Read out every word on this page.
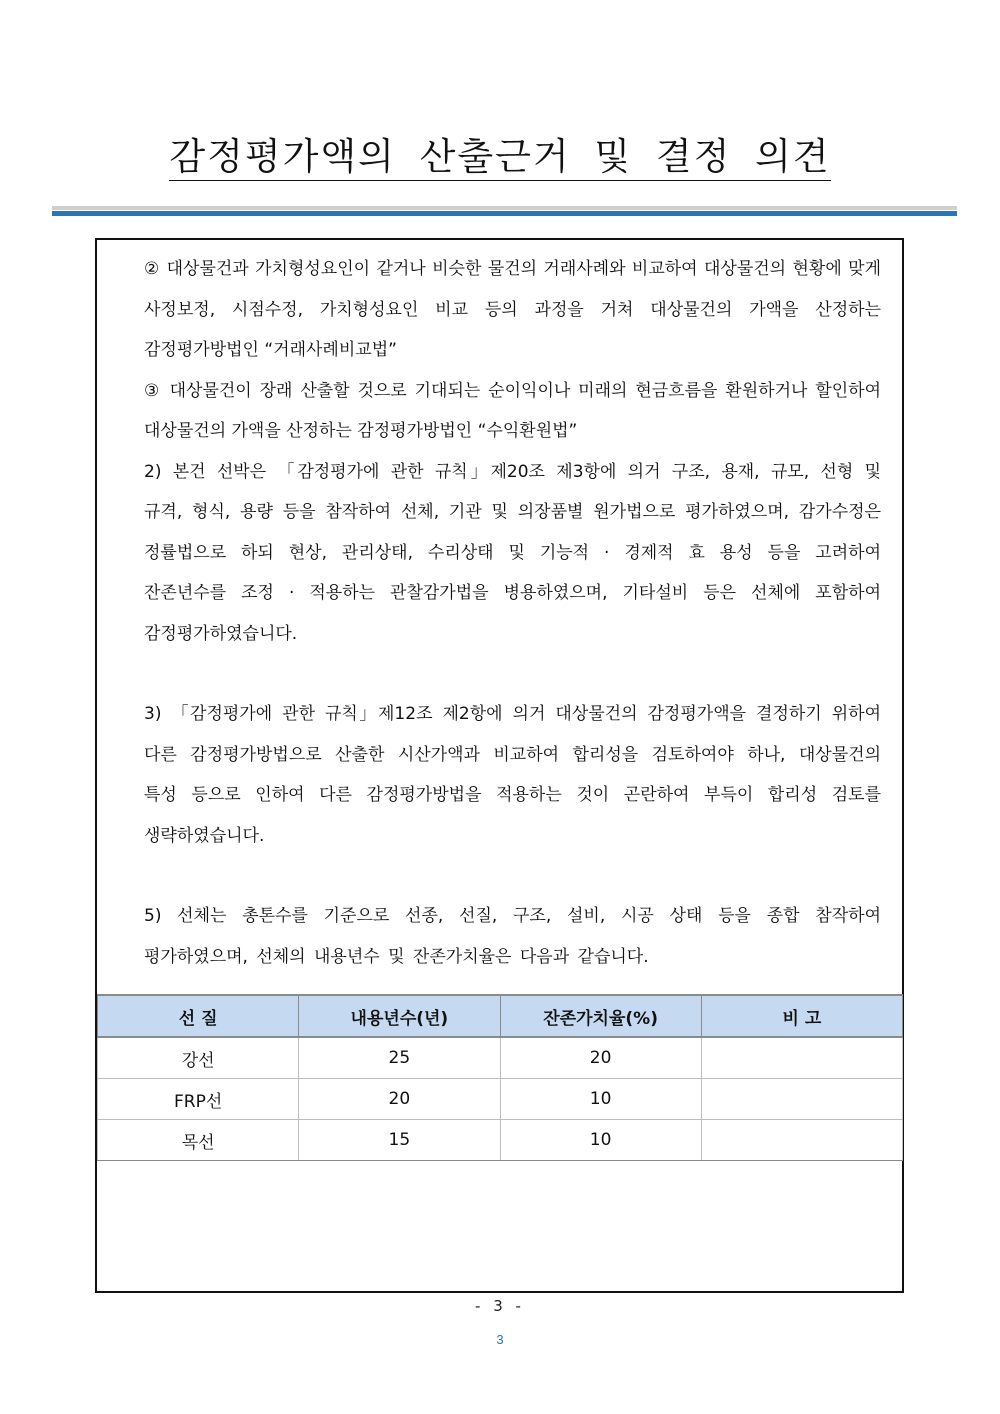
감정평가액의 산출근거 및 결정 의견

② 대상물건과 가치형성요인이 같거나 비슷한 물건의 거래사례와 비교하여 대상물건의 현황에 맞게 사정보정, 시점수정, 가치형성요인 비교 등의 과정을 거쳐 대상물건의 가액을 산정하는 감정평가방법인 “거래사례비교법”

③ 대상물건이 장래 산출할 것으로 기대되는 순이익이나 미래의 현금흐름을 환원하거나 할인하여 대상물건의 가액을 산정하는 감정평가방법인 “수익환원법”

2) 본건 선박은 「감정평가에 관한 규칙」제20조 제3항에 의거 구조, 용재, 규모, 선형 및 규격, 형식, 용량 등을 참작하여 선체, 기관 및 의장품별 원가법으로 평가하였으며, 감가수정은 정률법으로 하되 현상, 관리상태, 수리상태 및 기능적 · 경제적 효 용성 등을 고려하여 잔존년수를 조정 · 적용하는 관찰감가법을 병용하였으며, 기타설비 등은 선체에 포함하여 감정평가하였습니다.

3) 「감정평가에 관한 규칙」제12조 제2항에 의거 대상물건의 감정평가액을 결정하기 위하여 다른 감정평가방법으로 산출한 시산가액과 비교하여 합리성을 검토하여야 하나, 대상물건의 특성 등으로 인하여 다른 감정평가방법을 적용하는 것이 곤란하여 부득이 합리성 검토를 생략하였습니다.

5) 선체는 총톤수를 기준으로 선종, 선질, 구조, 설비, 시공 상태 등을 종합 참작하여 평가하였으며, 선체의 내용년수 및 잔존가치율은 다음과 같습니다.

선 질	내용년수(년)	잔존가치율(%)	비 고
강선	25	20	
FRP선	20	10	
목선	15	10	
- 3 -
3
